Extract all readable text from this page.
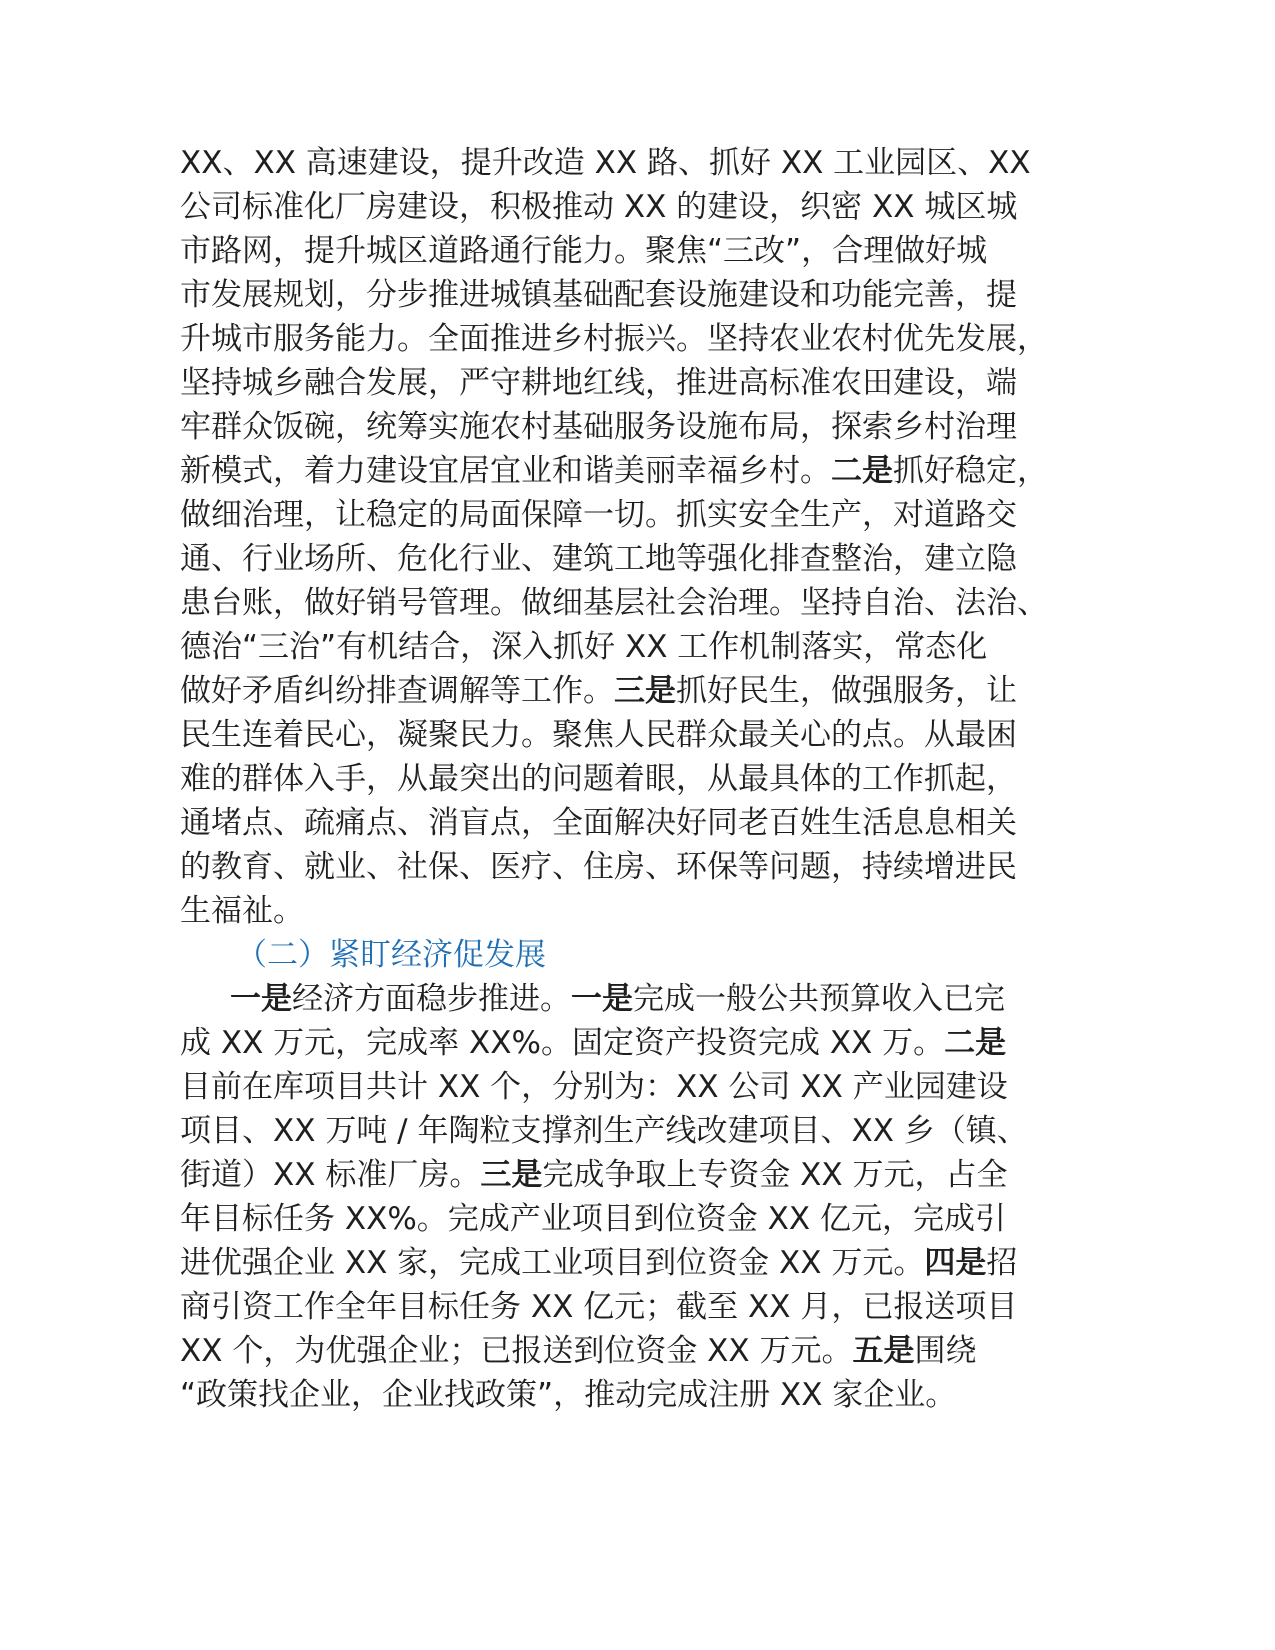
XX、XX 高速建设，提升改造 XX 路、抓好 XX 工业园区、XX
公司标准化厂房建设，积极推动 XX 的建设，织密 XX 城区城
市路网，提升城区道路通行能力。聚焦“三改”，合理做好城
市发展规划，分步推进城镇基础配套设施建设和功能完善，提
升城市服务能力。全面推进乡村振兴。坚持农业农村优先发展，
坚持城乡融合发展，严守耕地红线，推进高标准农田建设，端
牢群众饭碗，统筹实施农村基础服务设施布局，探索乡村治理
新模式，着力建设宜居宜业和谐美丽幸福乡村。二是抓好稳定，
做细治理，让稳定的局面保障一切。抓实安全生产，对道路交
通、行业场所、危化行业、建筑工地等强化排查整治，建立隐
患台账，做好销号管理。做细基层社会治理。坚持自治、法治、
德治“三治”有机结合，深入抓好 XX 工作机制落实，常态化
做好矛盾纠纷排查调解等工作。三是抓好民生，做强服务，让
民生连着民心，凝聚民力。聚焦人民群众最关心的点。从最困
难的群体入手，从最突出的问题着眼，从最具体的工作抓起，
通堵点、疏痛点、消盲点，全面解决好同老百姓生活息息相关
的教育、就业、社保、医疗、住房、环保等问题，持续增进民
生福祉。
（二）紧盯经济促发展
一是经济方面稳步推进。一是完成一般公共预算收入已完
成 XX 万元，完成率 XX%。固定资产投资完成 XX 万。二是
目前在库项目共计 XX 个，分别为：XX 公司 XX 产业园建设
项目、XX 万吨 / 年陶粒支撑剂生产线改建项目、XX 乡（镇、
街道）XX 标准厂房。三是完成争取上专资金 XX 万元，占全
年目标任务 XX%。完成产业项目到位资金 XX 亿元，完成引
进优强企业 XX 家，完成工业项目到位资金 XX 万元。四是招
商引资工作全年目标任务 XX 亿元；截至 XX 月，已报送项目
XX 个，为优强企业；已报送到位资金 XX 万元。五是围绕
“政策找企业，企业找政策”，推动完成注册 XX 家企业。
